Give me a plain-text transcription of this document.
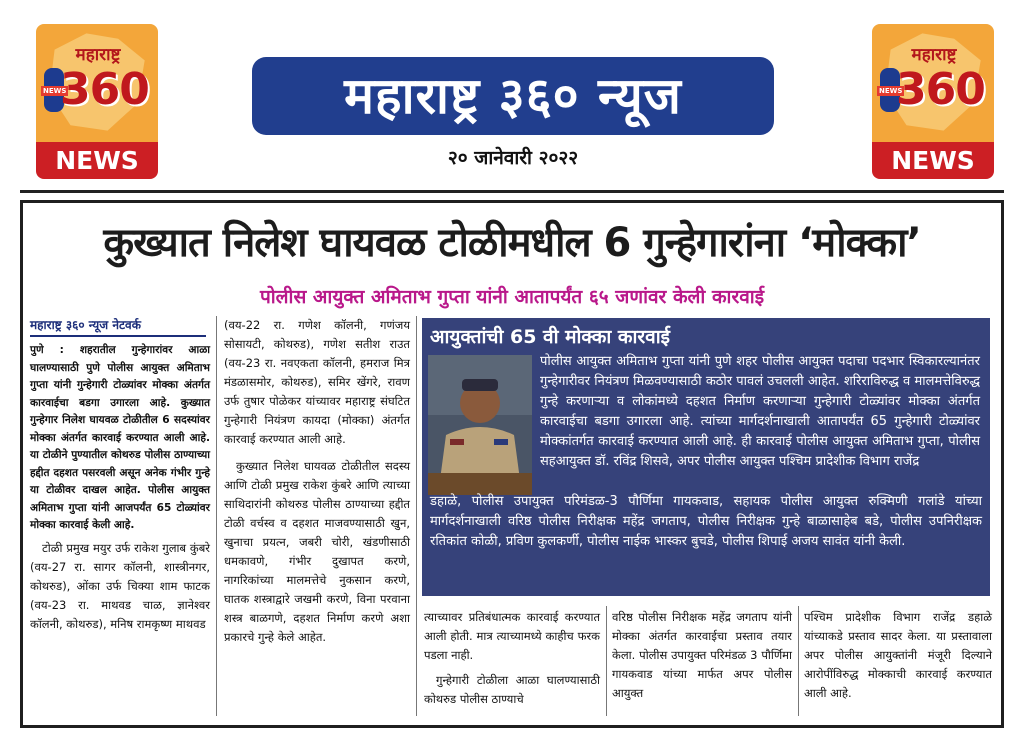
महाराष्ट्र
NEWS
360
NEWS
महाराष्ट्र
NEWS
360
NEWS
महाराष्ट्र ३६० न्यूज
२० जानेवारी २०२२
कुख्यात निलेश घायवळ टोळीमधील 6 गुन्हेगारांना ‘मोक्का’
पोलीस आयुक्त अमिताभ गुप्ता यांनी आतापर्यंत ६५ जणांवर केली कारवाई
महाराष्ट्र ३६० न्यूज नेटवर्क

पुणे : शहरातील गुन्हेगारांवर आळा घालण्यासाठी पुणे पोलीस आयुक्त अमिताभ गुप्ता यांनी गुन्हेगारी टोळ्यांवर मोक्का अंतर्गत कारवाईचा बडगा उगारला आहे. कुख्यात गुन्हेगार निलेश घायवळ टोळीतील 6 सदस्यांवर मोक्का अंतर्गत कारवाई करण्यात आली आहे. या टोळीने पुण्यातील कोथरुड पोलीस ठाण्याच्या हद्दीत दहशत पसरवली असून अनेक गंभीर गुन्हे या टोळीवर दाखल आहेत. पोलीस आयुक्त अमिताभ गुप्ता यांनी आजपर्यंत 65 टोळ्यांवर मोक्का कारवाई केली आहे.

टोळी प्रमुख मयुर उर्फ राकेश गुलाब कुंबरे (वय-27 रा. सागर कॉलनी, शास्त्रीनगर, कोथरुड), ओंका उर्फ चिक्या शाम फाटक (वय-23 रा. माथवड चाळ, ज्ञानेश्वर कॉलनी, कोथरुड), मनिष रामकृष्ण माथवड

(वय-22 रा. गणेश कॉलनी, गणंजय सोसायटी, कोथरुड), गणेश सतीश राउत (वय-23 रा. नवएकता कॉलनी, हमराज मित्र मंडळासमोर, कोथरुड), समिर खेंगरे, रावण उर्फ तुषार पोळेकर यांच्यावर महाराष्ट्र संघटित गुन्हेगारी नियंत्रण कायदा (मोक्का) अंतर्गत कारवाई करण्यात आली आहे.

कुख्यात निलेश घायवळ टोळीतील सदस्य आणि टोळी प्रमुख राकेश कुंबरे आणि त्याच्या साथिदारांनी कोथरुड पोलीस ठाण्याच्या हद्दीत टोळी वर्चस्व व दहशत माजवण्यासाठी खुन, खुनाचा प्रयत्न, जबरी चोरी, खंडणीसाठी धमकावणे, गंभीर दुखापत करणे, नागरिकांच्या मालमत्तेचे नुकसान करणे, घातक शस्त्राद्वारे जखमी करणे, विना परवाना शस्त्र बाळगणे, दहशत निर्माण करणे अशा प्रकारचे गुन्हे केले आहेत.

आयुक्तांची 65 वी मोक्का कारवाई
पोलीस आयुक्त अमिताभ गुप्ता यांनी पुणे शहर पोलीस आयुक्त पदाचा पदभार स्विकारल्यानंतर गुन्हेगारीवर नियंत्रण मिळवण्यासाठी कठोर पावलं उचलली आहेत. शरिराविरुद्ध व मालमत्तेविरुद्ध गुन्हे करणाऱ्या व लोकांमध्ये दहशत निर्माण करणाऱ्या गुन्हेगारी टोळ्यांवर मोक्का अंतर्गत कारवाईचा बडगा उगारला आहे. त्यांच्या मार्गदर्शनाखाली आतापर्यंत 65 गुन्हेगारी टोळ्यांवर मोक्कांतर्गत कारवाई करण्यात आली आहे. ही कारवाई पोलीस आयुक्त अमिताभ गुप्ता, पोलीस सहआयुक्त डॉ. रविंद्र शिसवे, अपर पोलीस आयुक्त पश्चिम प्रादेशीक विभाग राजेंद्र
डहाळे, पोलीस उपायुक्त परिमंडळ-3 पौर्णिमा गायकवाड, सहायक पोलीस आयुक्त रुक्मिणी गलांडे यांच्या मार्गदर्शनाखाली वरिष्ठ पोलीस निरीक्षक महेंद्र जगताप, पोलीस निरीक्षक गुन्हे बाळासाहेब बडे, पोलीस उपनिरीक्षक रतिकांत कोळी, प्रविण कुलकर्णी, पोलीस नाईक भास्कर बुचडे, पोलीस शिपाई अजय सावंत यांनी केली.

त्याच्यावर प्रतिबंधात्मक कारवाई करण्यात आली होती. मात्र त्याच्यामध्ये काहीच फरक पडला नाही.

गुन्हेगारी टोळीला आळा घालण्यासाठी कोथरुड पोलीस ठाण्याचे

वरिष्ठ पोलीस निरीक्षक महेंद्र जगताप यांनी मोक्का अंतर्गत कारवाईचा प्रस्ताव तयार केला. पोलीस उपायुक्त परिमंडळ 3 पौर्णिमा गायकवाड यांच्या मार्फत अपर पोलीस आयुक्त

पश्चिम प्रादेशीक विभाग राजेंद्र डहाळे यांच्याकडे प्रस्ताव सादर केला. या प्रस्तावाला अपर पोलीस आयुक्तांनी मंजूरी दिल्याने आरोपींविरुद्ध मोक्काची कारवाई करण्यात आली आहे.
